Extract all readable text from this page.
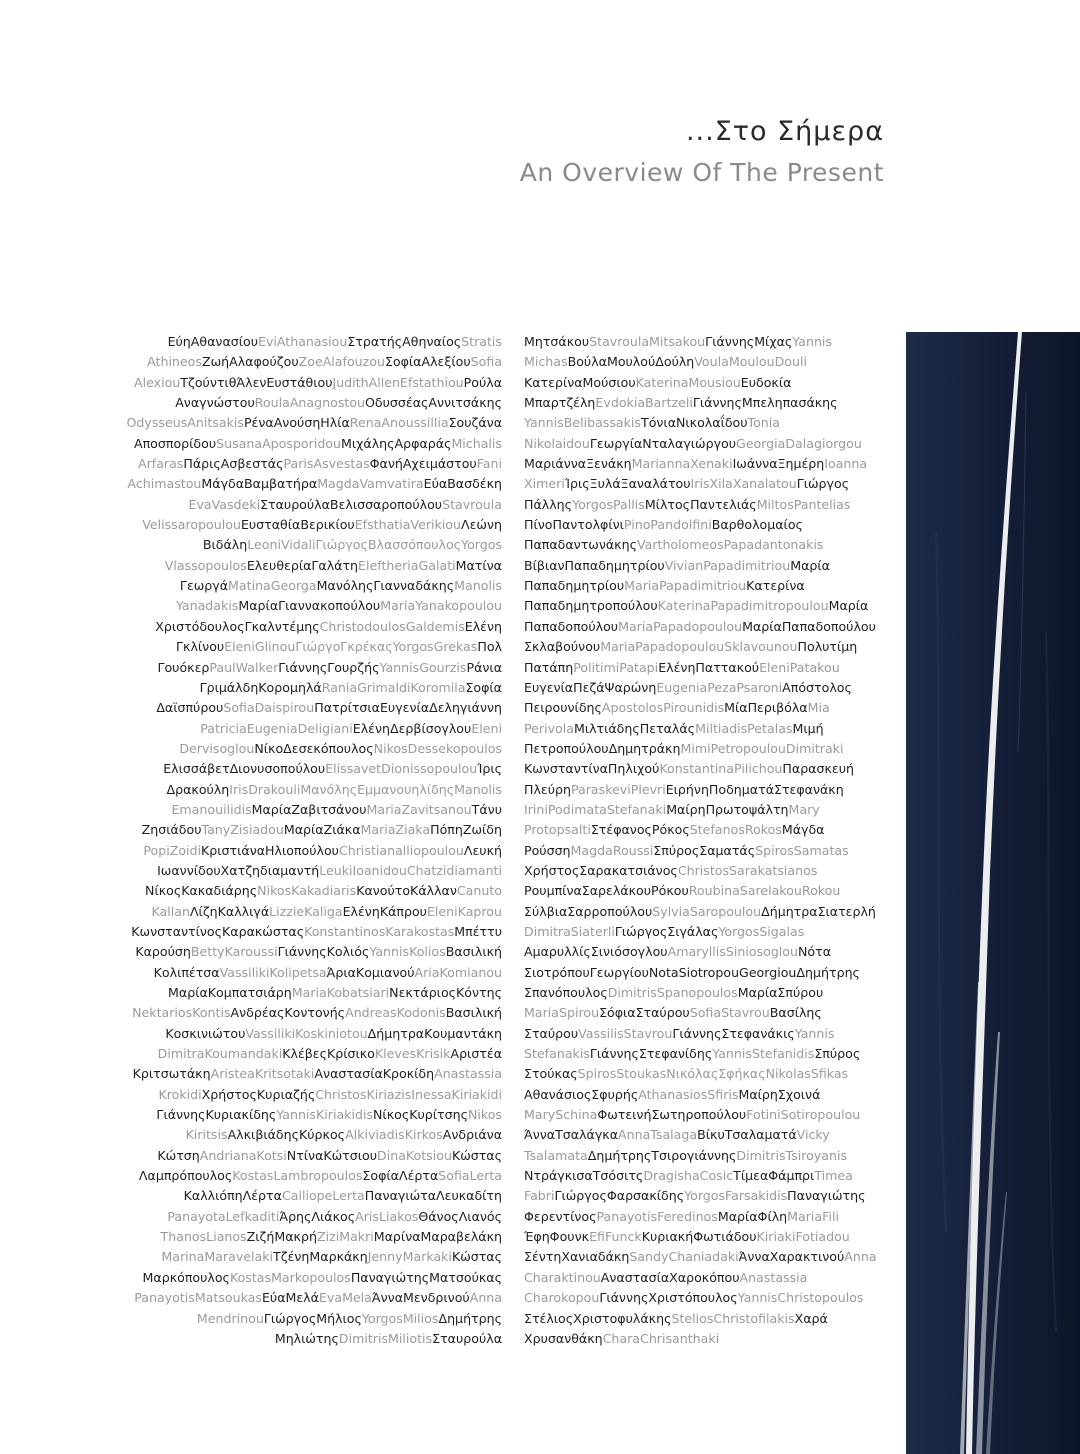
...Στο Σήμερα
An Overview Of The Present
ΕύηΑθανασίουEviAthanasiouΣτρατήςΑθηναίοςStratis
AthineosΖωήΑλαφούζουZoeAlafouzouΣοφίαΑλεξίουSofia
AlexiouΤζούντιθΆλενΕυστάθιουJudithAllenEfstathiouΡούλα
ΑναγνώστουRoulaAnagnostouΟδυσσέαςΑννιτσάκης
OdysseusAnitsakisΡέναΑνούσηΗλίαRenaAnoussilliaΣουζάνα
ΑποσπορίδουSusanaAposporidouΜιχάληςΑρφαράςMichalis
ArfarasΠάριςΑσβεστάςParisAsvestasΦανήΑχειμάστουFani
AchimastouΜάγδαΒαμβατήραMagdaVamvatiraΕύαΒασδέκη
EvaVasdekiΣταυρούλαΒελισσαροπούλουStavroula
VelissaropoulouΕυσταθίαΒερικίουEfsthatiaVerikiouΛεώνη
ΒιδάληLeoniVidaliΓιώργοςΒλασσόπουλοςYorgos
VlassopoulosΕλευθερίαΓαλάτηEleftheriaGalatiΜατίνα
ΓεωργάMatinaGeorgaΜανόληςΓιανναδάκηςManolis
YanadakisΜαρίαΓιαννακοπούλουMariaYanakopoulou
ΧριστόδουλοςΓκαλντέμηςChristodoulosGaldemisΕλένη
ΓκλίνουEleniGlinouΓιώργοΓκρέκαςYorgosGrekasΠολ
ΓουόκερPaulWalkerΓιάννηςΓουρζήςYannisGourzisΡάνια
ΓριμάλδηΚορομηλάRaniaGrimaldiKoromilaΣοφία
ΔαϊσπύρουSofiaDaispirouΠατρίτσιαΕυγενίαΔεληγιάννη
PatriciaEugeniaDeligianiΕλένηΔερβίσογλουEleni
DervisoglouΝίκοΔεσεκόπουλοςNikosDessekopoulos
ΕλισσάβετΔιονυσοπούλουElissavetDionissopoulouΊρις
ΔρακούληIrisDrakouliΜανόληςΕμμανουηλίδηςManolis
EmanouilidisΜαρίαΖαβιτσάνουMariaZavitsanouΤάνυ
ΖησιάδουTanyZisiadouΜαρίαΖιάκαMariaZiakaΠόπηΖωίδη
PopiZoidiΚριστιάναΗλιοπούλουChristianalliopoulouΛευκή
ΙωαννίδουΧατζηδιαμαντήLeukiIoanidouChatzidiamanti
ΝίκοςΚακαδιάρηςNikosKakadiarisΚανούτοΚάλλανCanuto
KallanΛίζηΚαλλιγάLizzieKaligaΕλένηΚάπρουEleniKaprou
ΚωνσταντίνοςΚαρακώσταςKonstantinosKarakostasΜπέττυ
ΚαρούσηBettyKaroussiΓιάννηςΚολιόςYannisKoliosΒασιλική
ΚολιπέτσαVassilikiKolipetsaΆριαΚομιανούAriaKomianou
ΜαρίαΚομπατσιάρηMariaKobatsiariΝεκτάριοςΚόντης
NektariosKontisΑνδρέαςΚοντονήςAndreasKodonisΒασιλική
ΚοσκινιώτουVassilikiKoskiniotouΔήμητραΚουμαντάκη
DimitraKoumandakiΚλέβεςΚρίσικοKlevesKrisikΑριστέα
ΚριτσωτάκηAristeaKritsotakiΑναστασίαΚροκίδηAnastassia
KrokidiΧρήστοςΚυριαζήςChristosKiriazisInessaKiriakidi
ΓιάννηςΚυριακίδηςYannisKiriakidisΝίκοςΚυρίτσηςNikos
KiritsisΑλκιβιάδηςΚύρκοςAlkiviadisKirkosΑνδριάνα
ΚώτσηAndrianaKotsiΝτίναΚώτσιουDinaKotsiouΚώστας
ΛαμπρόπουλοςKostasLambropoulosΣοφίαΛέρταSofiaLerta
ΚαλλιόπηΛέρταCalliopeLertaΠαναγιώταΛευκαδίτη
PanayotaLefkaditiΆρηςΛιάκοςArisLiakosΘάνοςΛιανός
ThanosLianosΖιζήΜακρήZiziMakriΜαρίναΜαραβελάκη
MarinaMaravelakiΤζένηΜαρκάκηJennyMarkakiΚώστας
ΜαρκόπουλοςKostasMarkopoulosΠαναγιώτηςΜατσούκας
PanayotisMatsoukasΕύαΜελάEvaMelaΆνναΜενδρινούAnna
MendrinouΓιώργοςΜήλιοςYorgosMiliosΔημήτρης
ΜηλιώτηςDimitrisMiliotisΣταυρούλα
ΜητσάκουStavroulaMitsakouΓιάννηςΜίχαςYannis
MichasΒούλαΜουλούΔούληVoulaMoulouDouli
ΚατερίναΜούσιουKaterinaMousiouΕυδοκία
ΜπαρτζέληEvdokiaBartzeliΓιάννηςΜπεληπασάκης
YannisBelibassakisΤόνιαΝικολαΐδουTonia
NikolaidouΓεωργίαΝταλαγιώργουGeorgiaDalagiorgou
ΜαριάνναΞενάκηMariannaXenakiΙωάνναΞημέρηIoanna
XimeriΊριςΞυλάΞαναλάτουIrisXilaXanalatouΓιώργος
ΠάλληςYorgosPallisΜίλτοςΠαντελιάςMiltosPantelias
ΠίνοΠαντολφίνιPinoPandolfiniΒαρθολομαίος
ΠαπαδαντωνάκηςVartholomeosPapadantonakis
ΒίβιανΠαπαδημητρίουVivianPapadimitriouΜαρία
ΠαπαδημητρίουMariaPapadimitriouΚατερίνα
ΠαπαδημητροπούλουKaterinaPapadimitropoulouΜαρία
ΠαπαδοπούλουMariaPapadopoulouΜαρίαΠαπαδοπούλου
ΣκλαβούνουMariaPapadopoulouSklavounouΠολυτίμη
ΠατάπηPolitimiPatapiΕλένηΠαττακούEleniPatakou
ΕυγενίαΠεζάΨαρώνηEugeniaPezaPsaroniΑπόστολος
ΠειρουνίδηςApostolosPirounidisΜίαΠεριβόλαMia
PerivolaΜιλτιάδηςΠεταλάςMiltiadisPetalasΜιμή
ΠετροπούλουΔημητράκηMimiPetropoulouDimitraki
ΚωνσταντίναΠηλιχούKonstantinaPilichouΠαρασκευή
ΠλεύρηParaskeviPlevriΕιρήνηΠοδηματάΣτεφανάκη
IriniPodimataStefanakiΜαίρηΠρωτοψάλτηMary
ProtopsaltiΣτέφανοςΡόκοςStefanosRokosΜάγδα
ΡούσσηMagdaRoussiΣπύροςΣαματάςSpirosSamatas
ΧρήστοςΣαρακατσιάνοςChristosSarakatsianos
ΡουμπίναΣαρελάκουΡόκουRoubinaSarelakouRokou
ΣύλβιαΣαρροπούλουSylviaSaropoulouΔήμητραΣιατερλή
DimitraSiaterliΓιώργοςΣιγάλαςYorgosSigalas
ΑμαρυλλίςΣινιόσογλουAmaryllisSiniosoglouΝότα
ΣιοτρόπουΓεωργίουNotaSiotropouGeorgiouΔημήτρης
ΣπανόπουλοςDimitrisSpanopoulosΜαρίαΣπύρου
MariaSpirouΣόφιαΣταύρουSofiaStavrouΒασίλης
ΣταύρουVassilisStavrouΓιάννηςΣτεφανάκιςYannis
StefanakisΓιάννηςΣτεφανίδηςYannisStefanidisΣπύρος
ΣτούκαςSpirosStoukasΝικόλαςΣφήκαςNikolasSfikas
ΑθανάσιοςΣφυρήςAthanasiosSfirisΜαίρηΣχοινά
MarySchinaΦωτεινήΣωτηροπούλουFotiniSotiropoulou
ΆνναΤσαλάγκαAnnaTsalagaΒίκυΤσαλαματάVicky
TsalamataΔημήτρηςΤσιρογιάννηςDimitrisTsiroyanis
ΝτράγκισαΤσόσιτςDragishaCosicΤίμεαΦάμπριTimea
FabriΓιώργοςΦαρσακίδηςYorgosFarsakidisΠαναγιώτης
ΦερεντίνοςPanayotisFeredinosΜαρίαΦίληMariaFili
ΈφηΦουνκEfiFunckΚυριακήΦωτιάδουKiriakiFotiadou
ΣέντηΧανιαδάκηSandyChaniadakiΆνναΧαρακτινούAnna
CharaktinouΑναστασίαΧαροκόπουAnastassia
CharokopouΓιάννηςΧριστόπουλοςYannisChristopoulos
ΣτέλιοςΧριστοφυλάκηςSteliosChristofilakisΧαρά
ΧρυσανθάκηCharaChrisanthaki
